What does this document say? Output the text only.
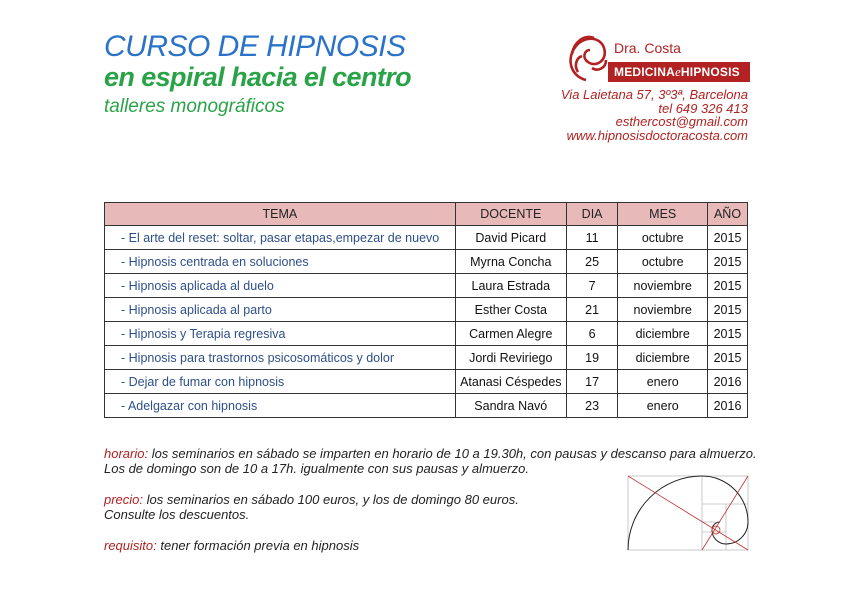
CURSO DE HIPNOSIS
en espiral hacia el centro
talleres monográficos
Dra. Costa
MEDICINAeHIPNOSIS
Via Laietana 57, 3º3ª, Barcelona
tel 649 326 413
esthercost@gmail.com
www.hipnosisdoctoracosta.com
TEMA	DOCENTE	DIA	MES	AÑO
- El arte del reset: soltar, pasar etapas,empezar de nuevo	David Picard	11	octubre	2015
- Hipnosis centrada en soluciones	Myrna Concha	25	octubre	2015
- Hipnosis aplicada al duelo	Laura Estrada	7	noviembre	2015
- Hipnosis aplicada al parto	Esther Costa	21	noviembre	2015
- Hipnosis y Terapia regresiva	Carmen Alegre	6	diciembre	2015
- Hipnosis para trastornos psicosomáticos y dolor	Jordi Reviriego	19	diciembre	2015
- Dejar de fumar con hipnosis	Atanasi Céspedes	17	enero	2016
- Adelgazar con hipnosis	Sandra Navó	23	enero	2016
horario: los seminarios en sábado se imparten en horario de 10 a 19.30h, con pausas y descanso para almuerzo.
Los de domingo son de 10 a 17h. igualmente con sus pausas y almuerzo.
precio: los seminarios en sábado 100 euros, y los de domingo 80 euros.
Consulte los descuentos.
requisito: tener formación previa en hipnosis
